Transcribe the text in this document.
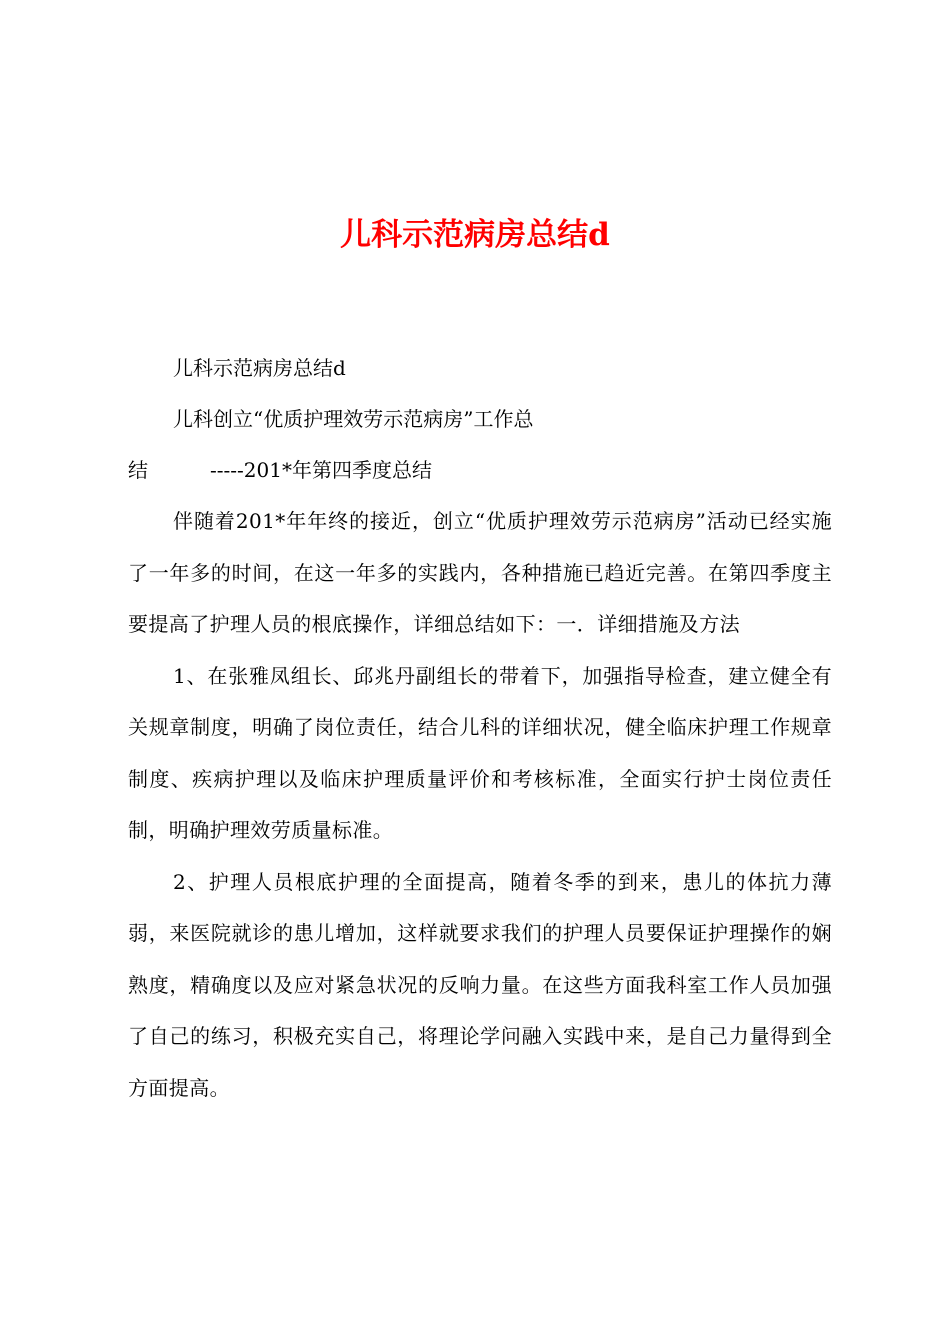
儿科示范病房总结d
儿科示范病房总结d
儿科创立“优质护理效劳示范病房”工作总
结	-----201*年第四季度总结

伴随着201*年年终的接近，创立“优质护理效劳示范病房”活动已经实施了一年多的时间，在这一年多的实践内，各种措施已趋近完善。在第四季度主要提高了护理人员的根底操作，详细总结如下：一．详细措施及方法

1、在张雅凤组长、邱兆丹副组长的带着下，加强指导检查，建立健全有关规章制度，明确了岗位责任，结合儿科的详细状况，健全临床护理工作规章制度、疾病护理以及临床护理质量评价和考核标准，全面实行护士岗位责任制，明确护理效劳质量标准。

2、护理人员根底护理的全面提高，随着冬季的到来，患儿的体抗力薄弱，来医院就诊的患儿增加，这样就要求我们的护理人员要保证护理操作的娴熟度，精确度以及应对紧急状况的反响力量。在这些方面我科室工作人员加强了自己的练习，积极充实自己，将理论学问融入实践中来，是自己力量得到全方面提高。
